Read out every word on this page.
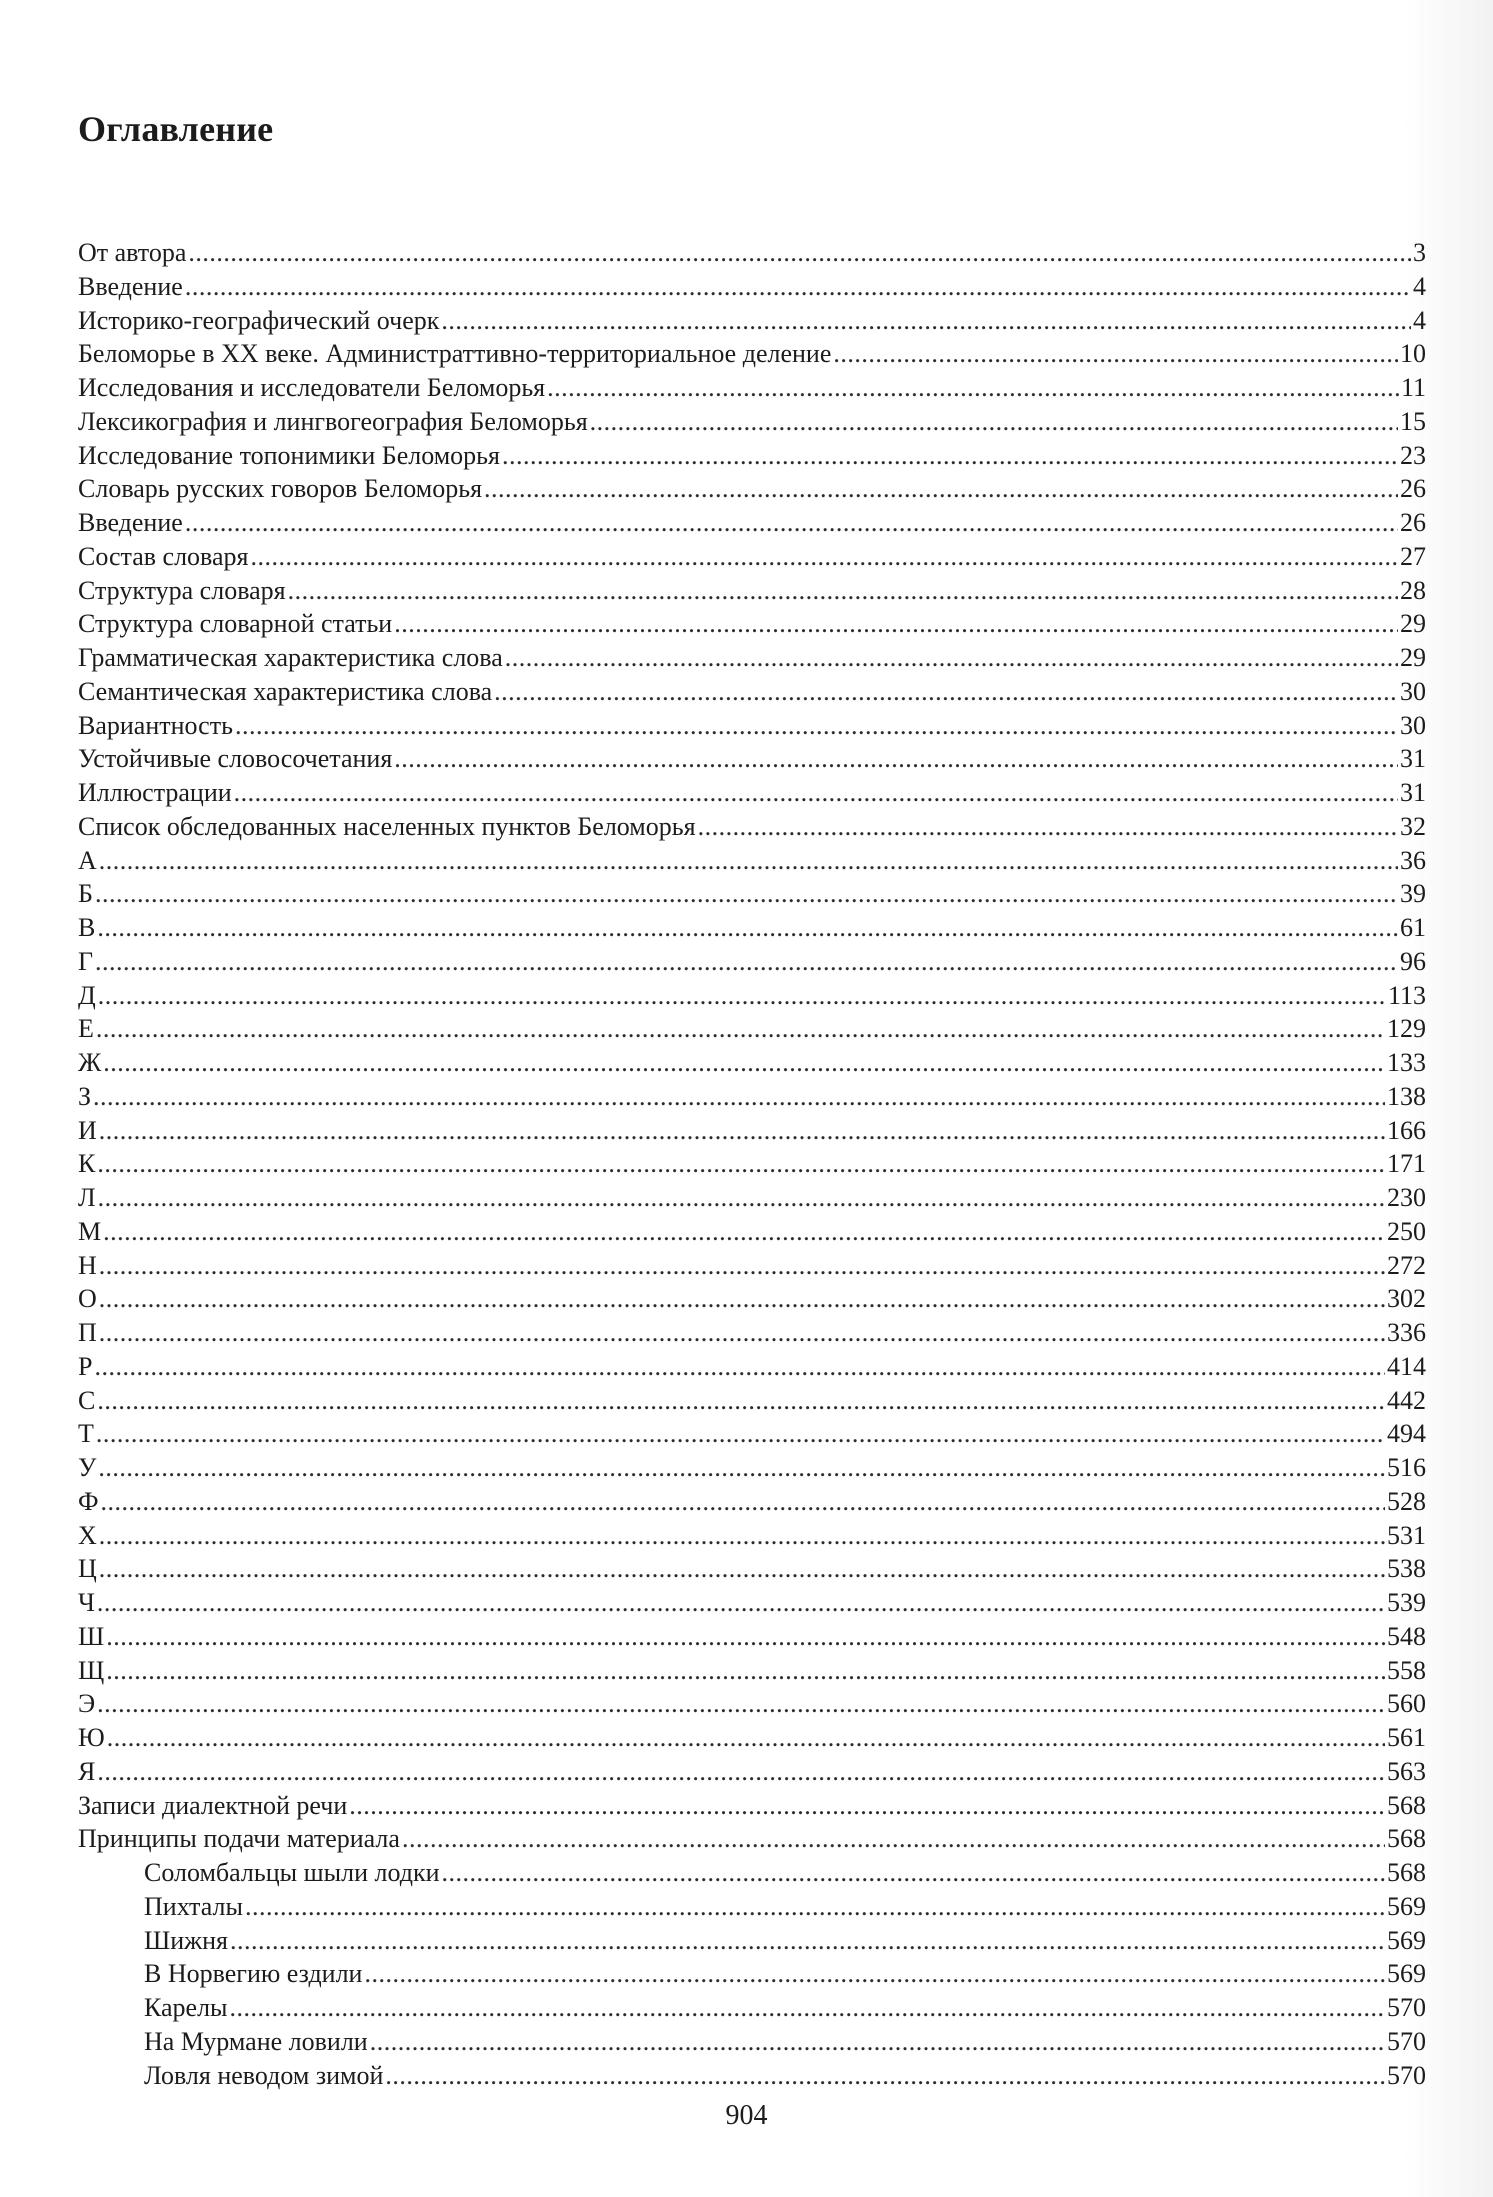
Оглавление
От автора .....	3
Введение .....	4
Историко-географический очерк .....	4
Беломорье в XX веке. Администраттивно-территориальное деление .....	10
Исследования и исследователи Беломорья .....	11
Лексикография и лингвогеография Беломорья .....	15
Исследование топонимики Беломорья .....	23
Словарь русских говоров Беломорья .....	26
Введение .....	26
Состав словаря .....	27
Структура словаря .....	28
Структура словарной статьи .....	29
Грамматическая характеристика слова .....	29
Семантическая характеристика слова .....	30
Вариантность .....	30
Устойчивые словосочетания .....	31
Иллюстрации .....	31
Список обследованных населенных пунктов Беломорья .....	32
А .....	36
Б .....	39
В .....	61
Г .....	96
Д .....	113
Е .....	129
Ж .....	133
З .....	138
И .....	166
К .....	171
Л .....	230
М .....	250
Н .....	272
О .....	302
П .....	336
Р .....	414
С .....	442
Т .....	494
У .....	516
Ф .....	528
Х .....	531
Ц .....	538
Ч .....	539
Ш .....	548
Щ .....	558
Э .....	560
Ю .....	561
Я .....	563
Записи диалектной речи .....	568
Принципы подачи материала .....	568
Соломбальцы шыли лодки .....	568
Пихталы .....	569
Шижня .....	569
В Норвегию ездили .....	569
Карелы .....	570
На Мурмане ловили .....	570
Ловля неводом зимой .....	570

904
